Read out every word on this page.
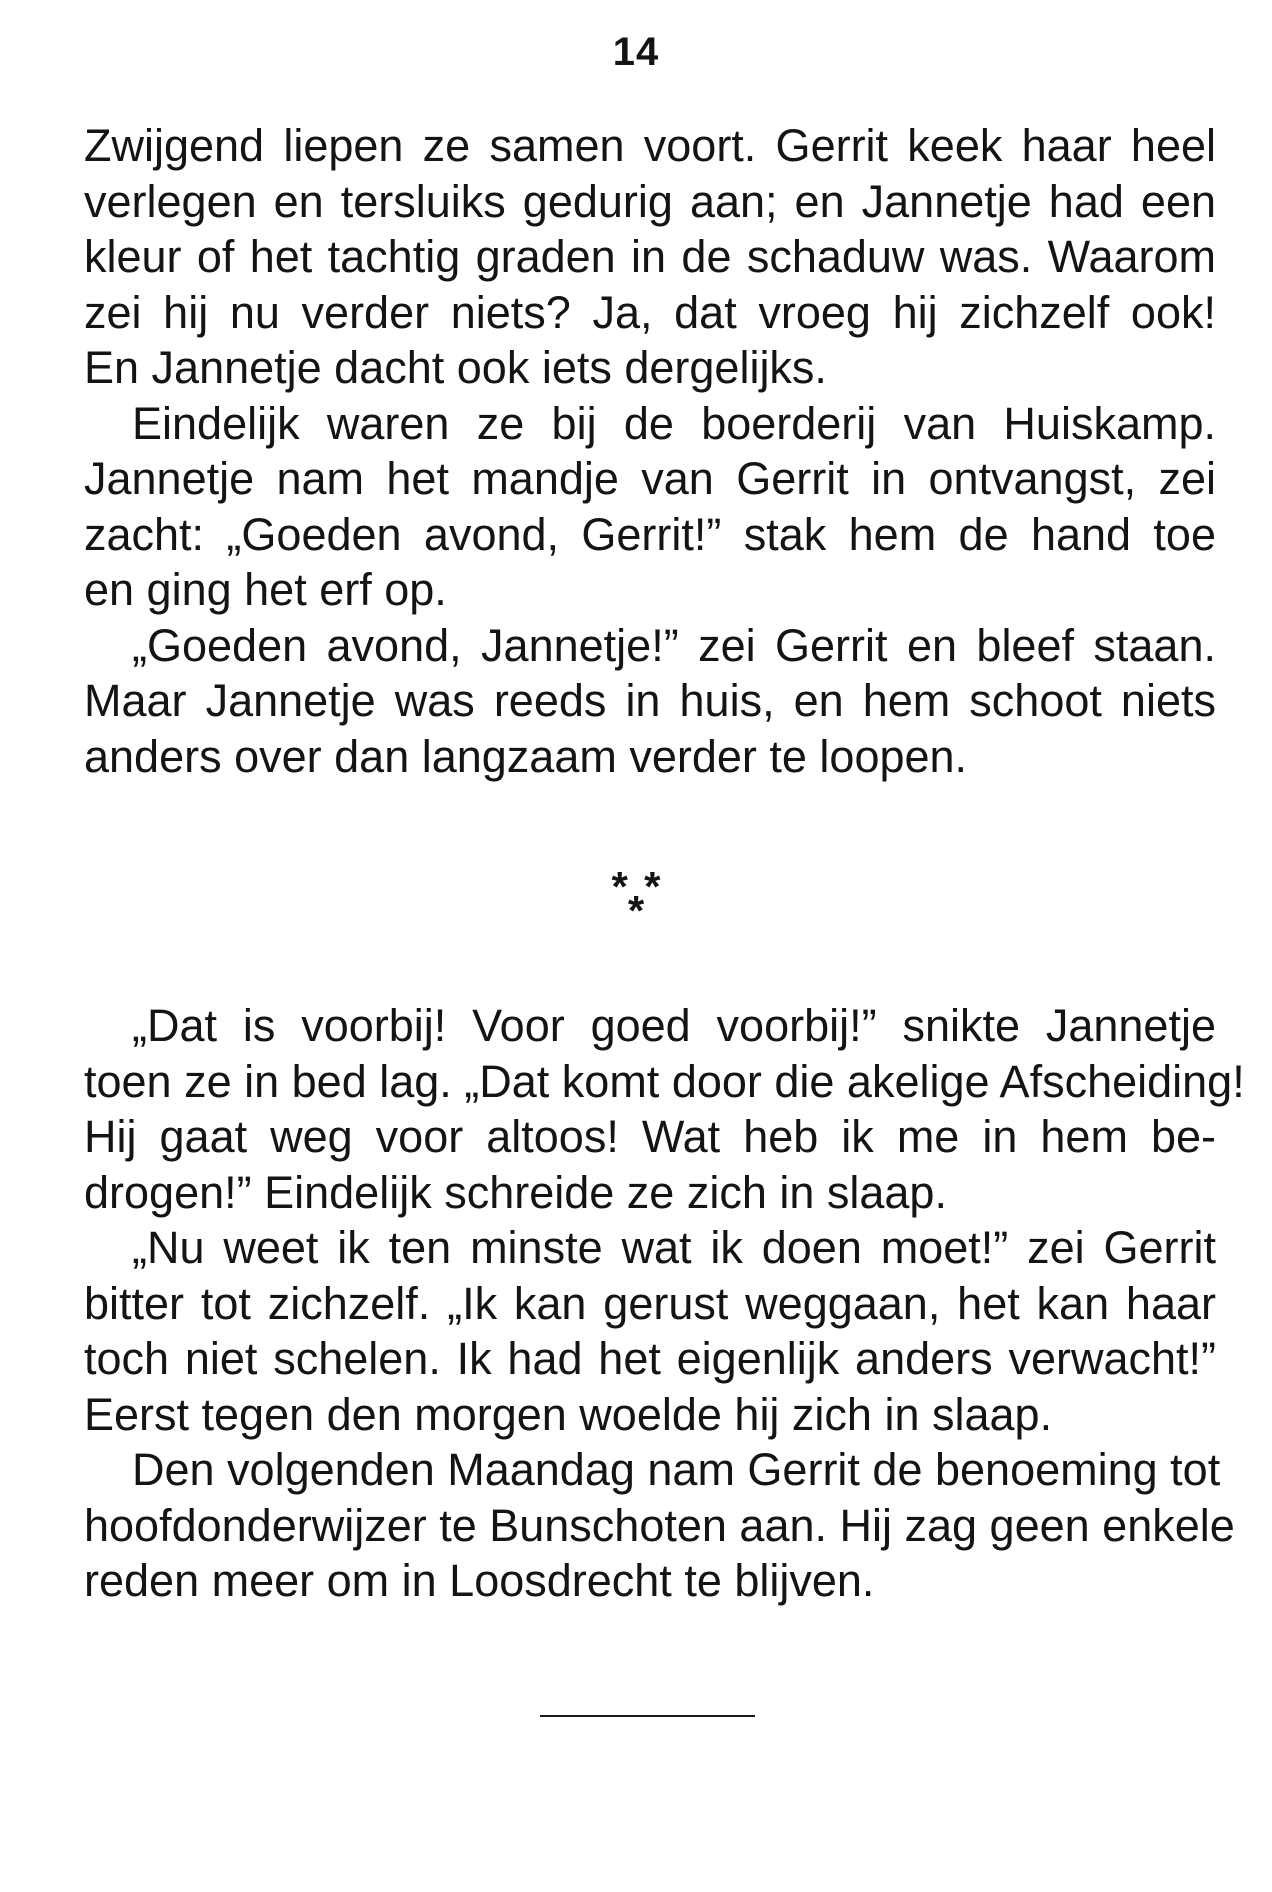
14
Zwijgend liepen ze samen voort. Gerrit keek haar heel
verlegen en tersluiks gedurig aan; en Jannetje had een
kleur of het tachtig graden in de schaduw was. Waarom
zei hij nu verder niets? Ja, dat vroeg hij zichzelf ook!
En Jannetje dacht ook iets dergelijks.
Eindelijk waren ze bij de boerderij van Huiskamp.
Jannetje nam het mandje van Gerrit in ontvangst, zei
zacht: „Goeden avond, Gerrit!” stak hem de hand toe
en ging het erf op.
„Goeden avond, Jannetje!” zei Gerrit en bleef staan.
Maar Jannetje was reeds in huis, en hem schoot niets
anders over dan langzaam verder te loopen.
***
„Dat is voorbij! Voor goed voorbij!” snikte Jannetje
toen ze in bed lag. „Dat komt door die akelige Afscheiding!
Hij gaat weg voor altoos! Wat heb ik me in hem be-
drogen!” Eindelijk schreide ze zich in slaap.
„Nu weet ik ten minste wat ik doen moet!” zei Gerrit
bitter tot zichzelf. „Ik kan gerust weggaan, het kan haar
toch niet schelen. Ik had het eigenlijk anders verwacht!”
Eerst tegen den morgen woelde hij zich in slaap.
Den volgenden Maandag nam Gerrit de benoeming tot
hoofdonderwijzer te Bunschoten aan. Hij zag geen enkele
reden meer om in Loosdrecht te blijven.
